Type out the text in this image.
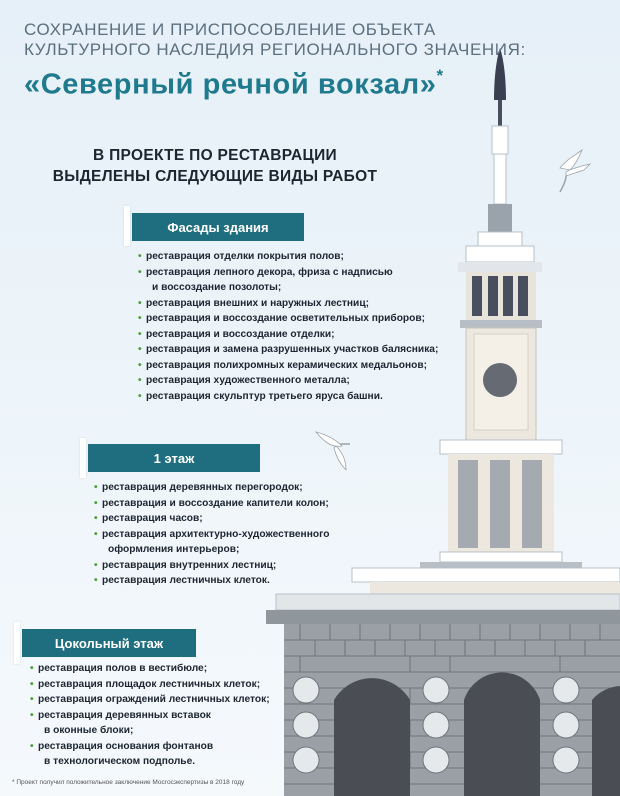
СОХРАНЕНИЕ И ПРИСПОСОБЛЕНИЕ ОБЪЕКТА
КУЛЬТУРНОГО НАСЛЕДИЯ РЕГИОНАЛЬНОГО ЗНАЧЕНИЯ:
«Северный речной вокзал»*
В ПРОЕКТЕ ПО РЕСТАВРАЦИИ
ВЫДЕЛЕНЫ СЛЕДУЮЩИЕ ВИДЫ РАБОТ
Фасады здания
• реставрация отделки покрытия полов;
• реставрация лепного декора, фриза с надписью
и воссоздание позолоты;
• реставрация внешних и наружных лестниц;
• реставрация и воссоздание осветительных приборов;
• реставрация и воссоздание отделки;
• реставрация и замена разрушенных участков балясника;
• реставрация полихромных керамических медальонов;
• реставрация художественного металла;
• реставрация скульптур третьего яруса башни.
1 этаж
• реставрация деревянных перегородок;
• реставрация и воссоздание капители колон;
• реставрация часов;
• реставрация архитектурно-художественного
оформления интерьеров;
• реставрация внутренних лестниц;
• реставрация лестничных клеток.
Цокольный этаж
• реставрация полов в вестибюле;
• реставрация площадок лестничных клеток;
• реставрация ограждений лестничных клеток;
• реставрация деревянных вставок
в оконные блоки;
• реставрация основания фонтанов
в технологическом подполье.
* Проект получил положительное заключение Мосгосэкспертизы в 2018 году
